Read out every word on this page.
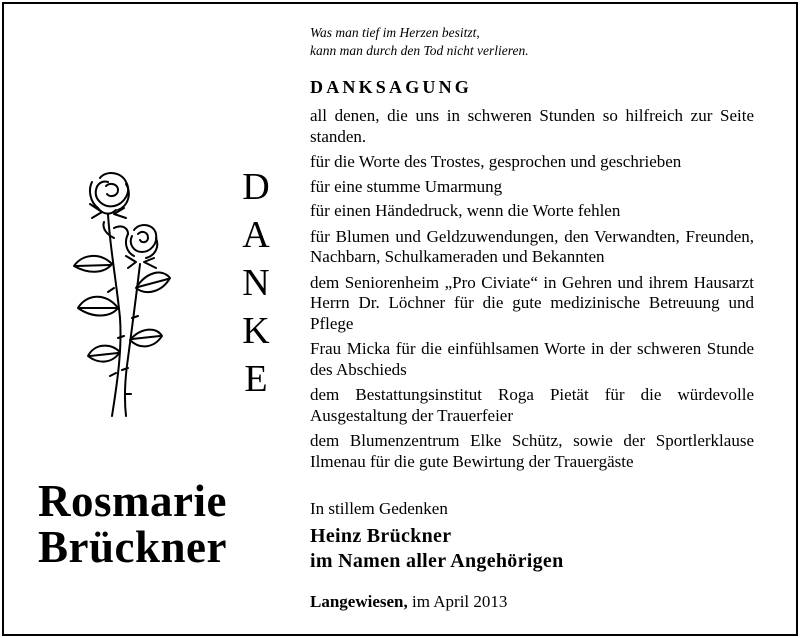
Was man tief im Herzen besitzt,
kann man durch den Tod nicht verlieren.
DANKSAGUNG

all denen, die uns in schweren Stunden so hilfreich zur Seite standen.

für die Worte des Trostes, gesprochen und geschrieben

für eine stumme Umarmung

für einen Händedruck, wenn die Worte fehlen

für Blumen und Geldzuwendungen, den Verwandten, Freunden, Nachbarn, Schulkameraden und Bekannten

dem Seniorenheim „Pro Civiate“ in Gehren und ihrem Hausarzt Herrn Dr. Löchner für die gute medizinische Betreuung und Pflege

Frau Micka für die einfühlsamen Worte in der schweren Stunde des Abschieds

dem Bestattungsinstitut Roga Pietät für die würdevolle Ausgestaltung der Trauerfeier

dem Blumenzentrum Elke Schütz, sowie der Sportlerklause Ilmenau für die gute Bewirtung der Trauergäste

D
A
N
K
E
Rosmarie
Brückner
In stillem Gedenken
Heinz Brückner
im Namen aller Angehörigen
Langewiesen, im April 2013
